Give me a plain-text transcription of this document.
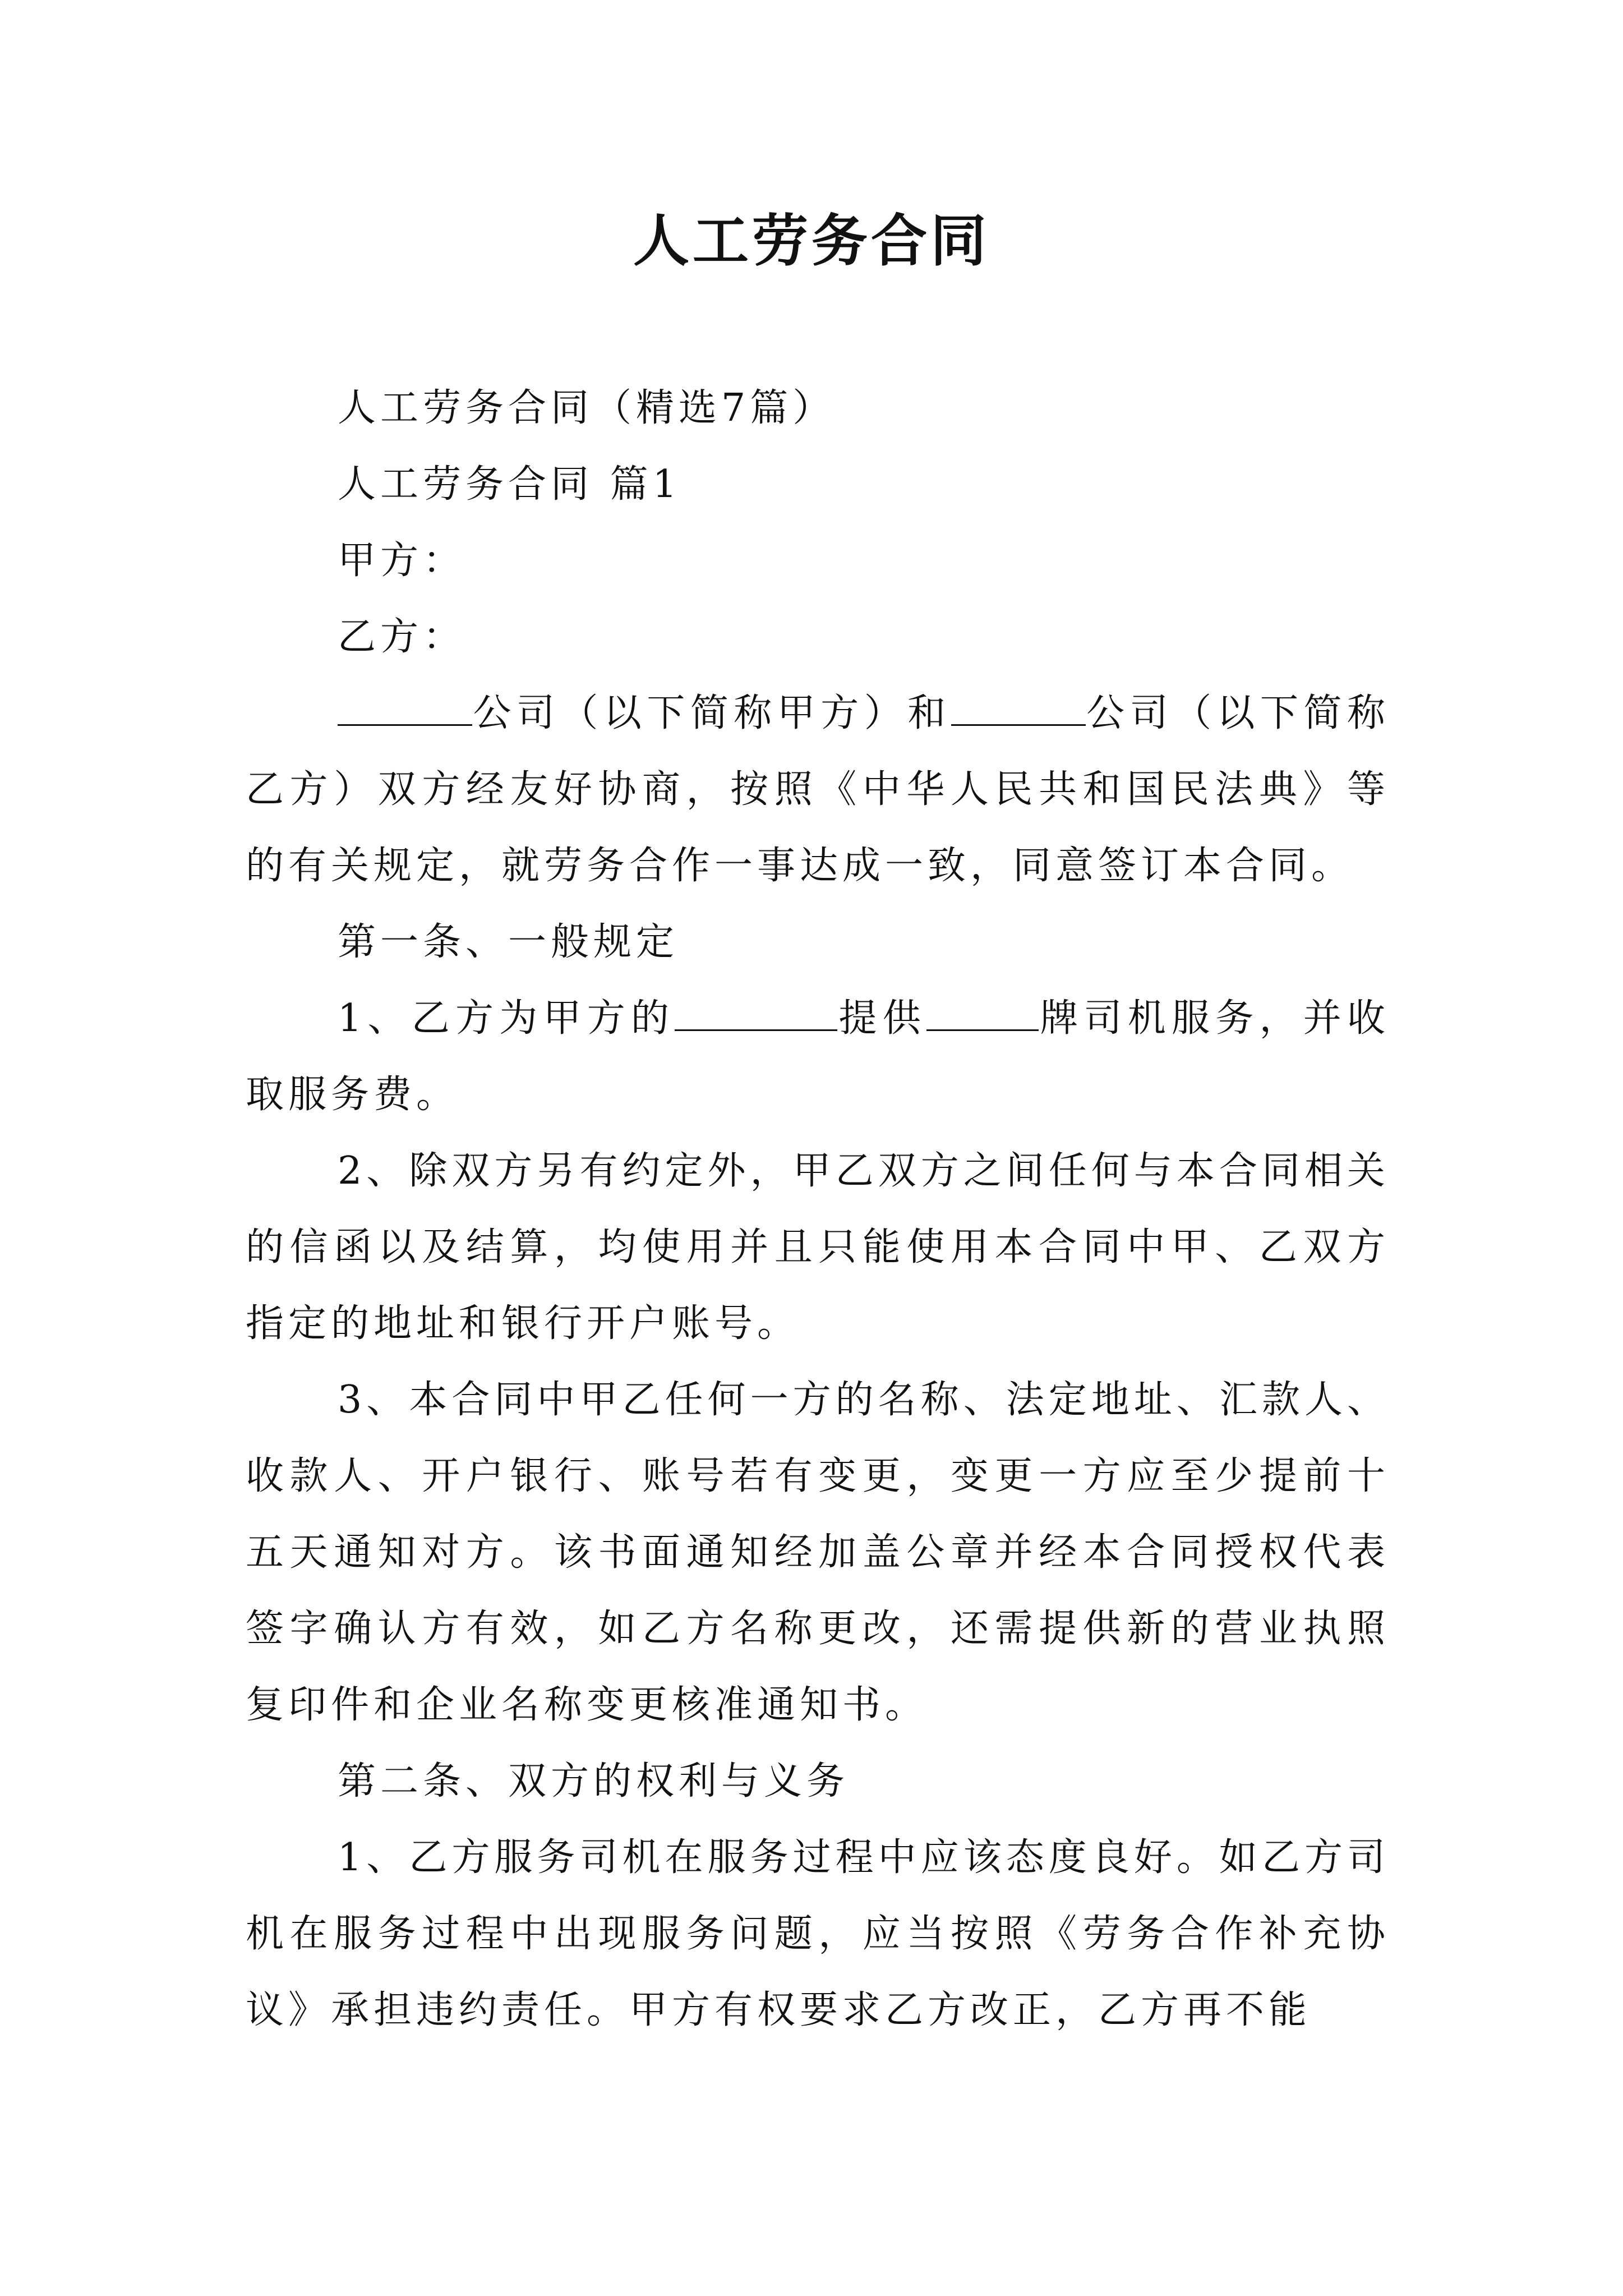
人工劳务合同

人工劳务合同（精选7篇）

人工劳务合同 篇1

甲方：

乙方：

公司（以下简称甲方）和	公司（以下简称乙方）双方经友好协商，按照《中华人民共和国民法典》等的有关规定，就劳务合作一事达成一致，同意签订本合同。

第一条、一般规定

1、乙方为甲方的	提供	牌司机服务，并收取服务费。

2、除双方另有约定外，甲乙双方之间任何与本合同相关的信函以及结算，均使用并且只能使用本合同中甲、乙双方指定的地址和银行开户账号。

3、本合同中甲乙任何一方的名称、法定地址、汇款人、收款人、开户银行、账号若有变更，变更一方应至少提前十五天通知对方。该书面通知经加盖公章并经本合同授权代表签字确认方有效，如乙方名称更改，还需提供新的营业执照复印件和企业名称变更核准通知书。

第二条、双方的权利与义务

1、乙方服务司机在服务过程中应该态度良好。如乙方司机在服务过程中出现服务问题，应当按照《劳务合作补充协议》承担违约责任。甲方有权要求乙方改正，乙方再不能
